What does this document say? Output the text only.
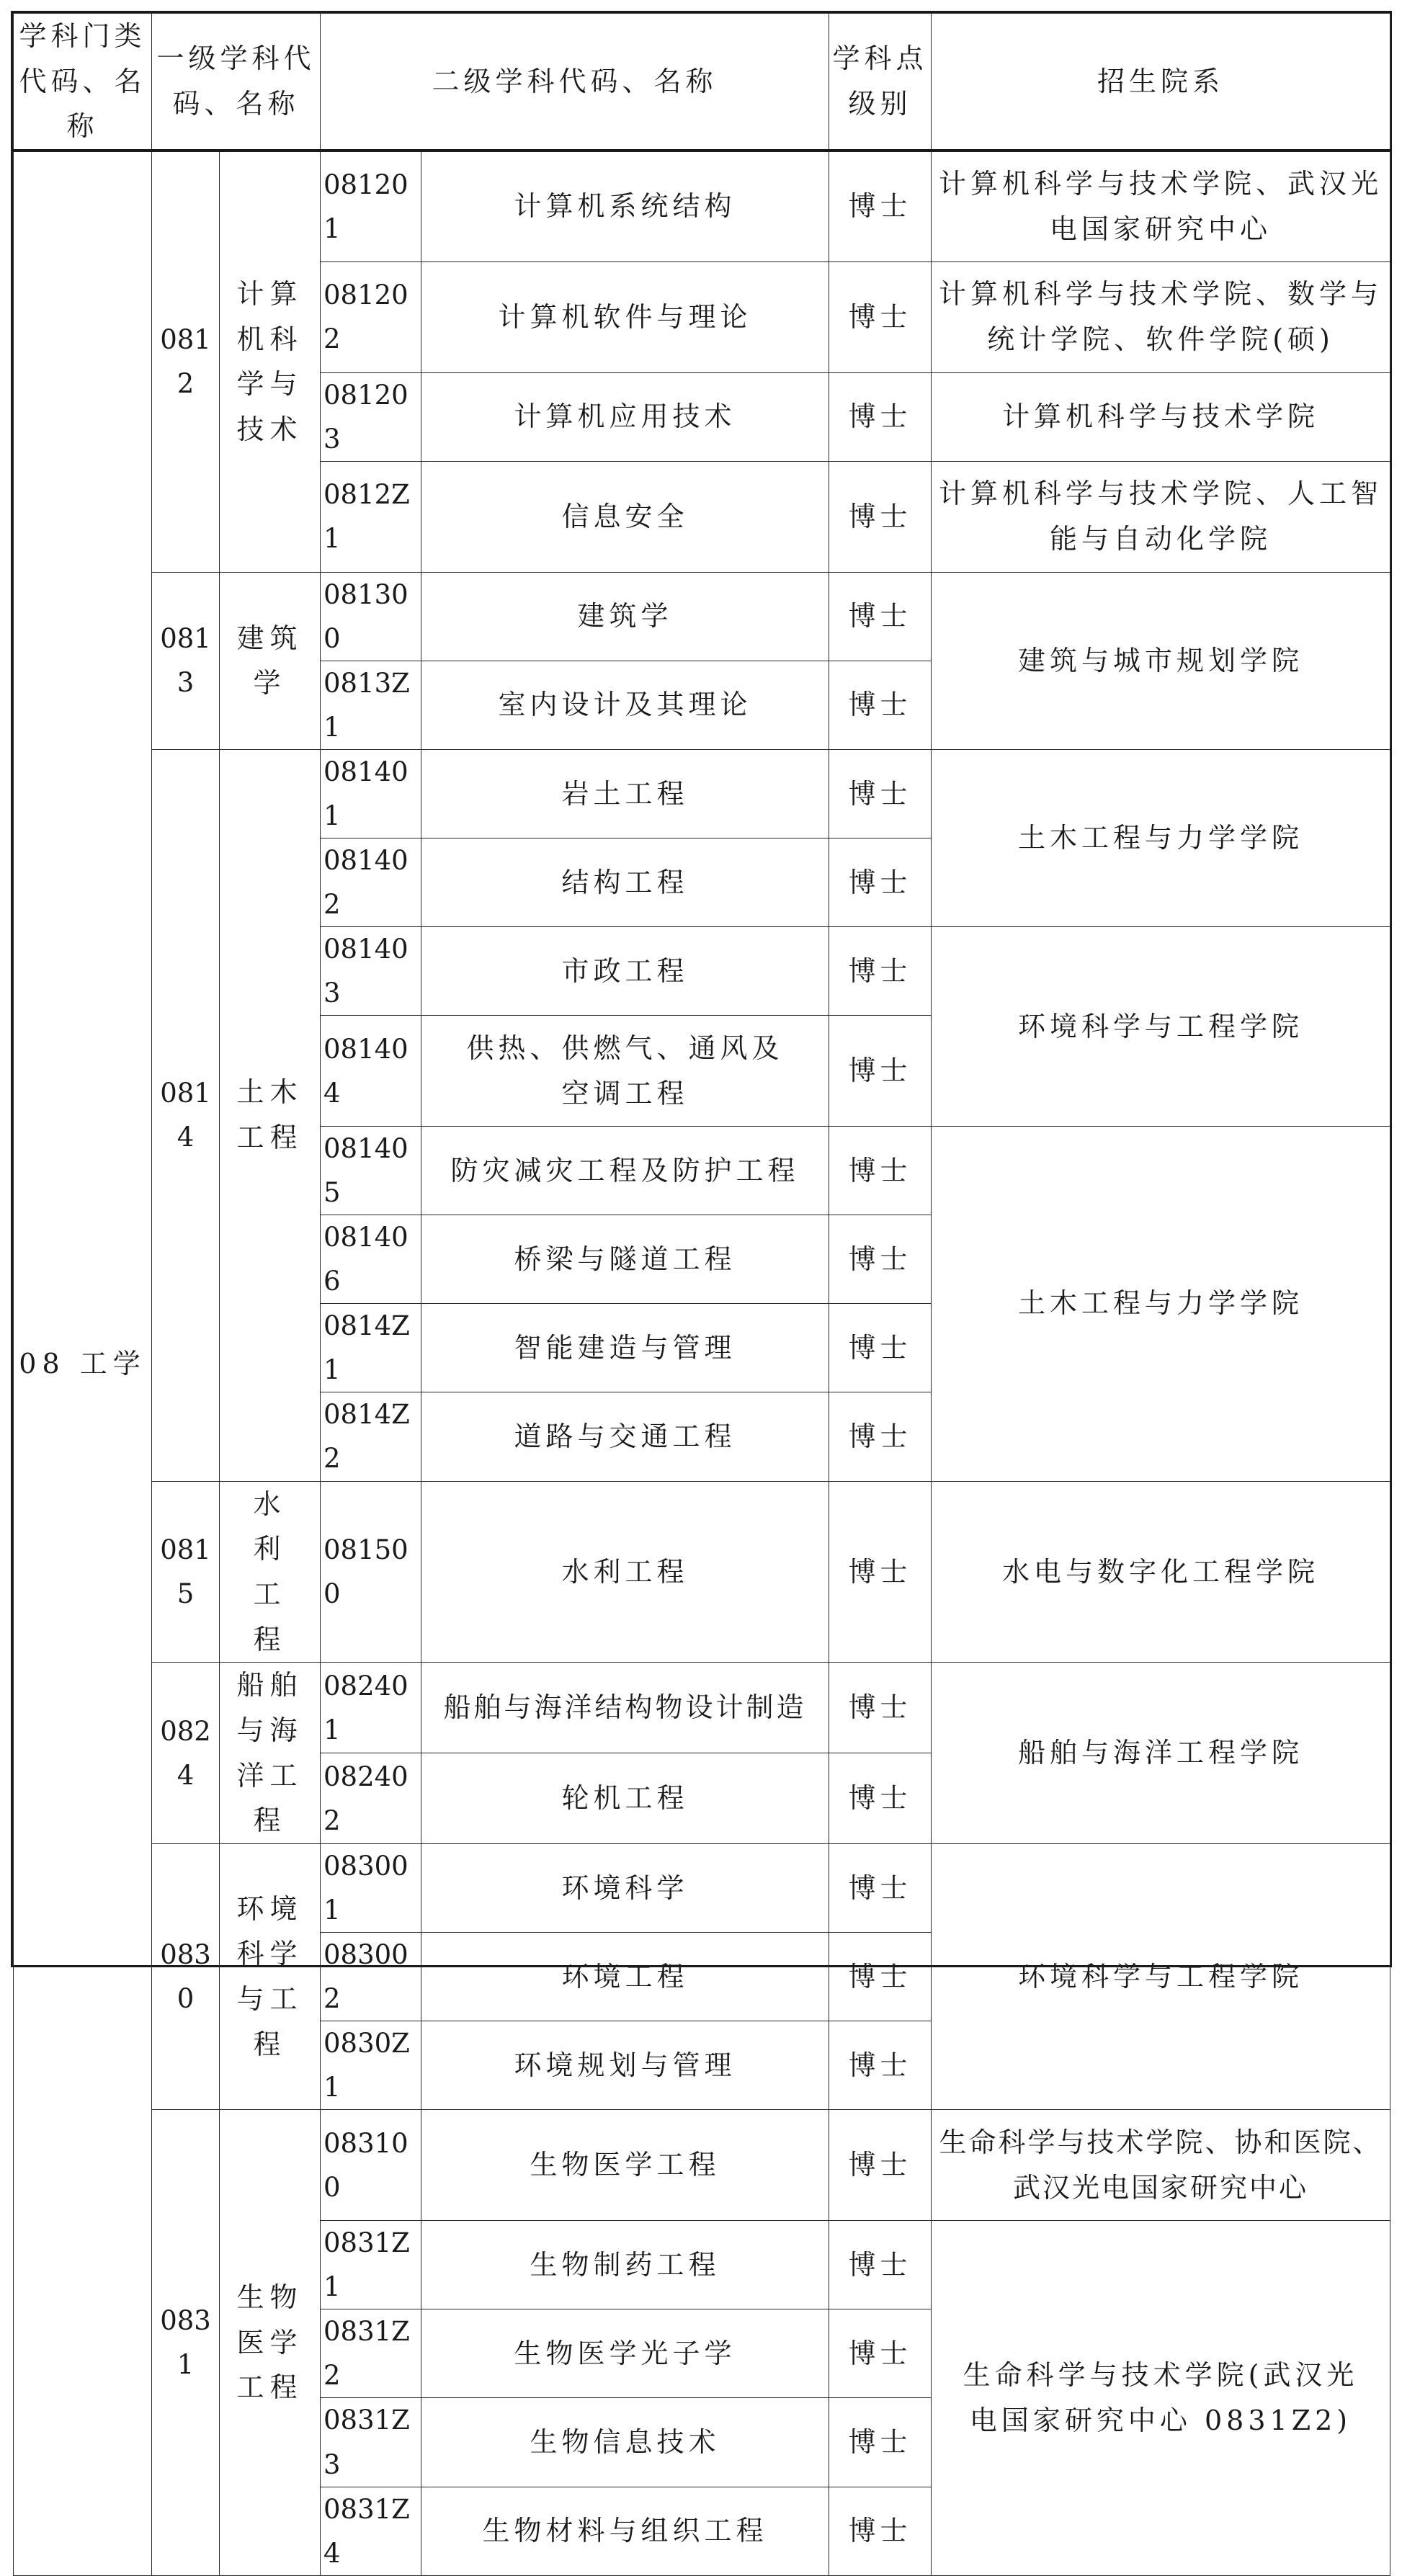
学科门类代码、名称	一级学科代码、名称		二级学科代码、名称		学科点级别	招生院系
08 工学	0812	计算机科学与技术	081201	计算机系统结构	博士	计算机科学与技术学院、武汉光电国家研究中心
			081202	计算机软件与理论	博士	计算机科学与技术学院、数学与统计学院、软件学院(硕)
			081203	计算机应用技术	博士	计算机科学与技术学院
			0812Z1	信息安全	博士	计算机科学与技术学院、人工智能与自动化学院
	0813	建筑学	081300	建筑学	博士	建筑与城市规划学院
			0813Z1	室内设计及其理论	博士	
	0814	土木工程	081401	岩土工程	博士	土木工程与力学学院
			081402	结构工程	博士	
			081403	市政工程	博士	环境科学与工程学院
			081404	供热、供燃气、通风及空调工程	博士	
			081405	防灾减灾工程及防护工程	博士	土木工程与力学学院
			081406	桥梁与隧道工程	博士	
			0814Z1	智能建造与管理	博士	
			0814Z2	道路与交通工程	博士	
	0815	水利工程	081500	水利工程	博士	水电与数字化工程学院
	0824	船舶与海洋工程	082401	船舶与海洋结构物设计制造	博士	船舶与海洋工程学院
			082402	轮机工程	博士	
	0830	环境科学与工程	083001	环境科学	博士	环境科学与工程学院
			083002	环境工程	博士	
			0830Z1	环境规划与管理	博士	
	0831	生物医学工程	083100	生物医学工程	博士	生命科学与技术学院、协和医院、武汉光电国家研究中心
			0831Z1	生物制药工程	博士	生命科学与技术学院(武汉光电国家研究中心 0831Z2)
			0831Z2	生物医学光子学	博士	
			0831Z3	生物信息技术	博士	
			0831Z4	生物材料与组织工程	博士	
